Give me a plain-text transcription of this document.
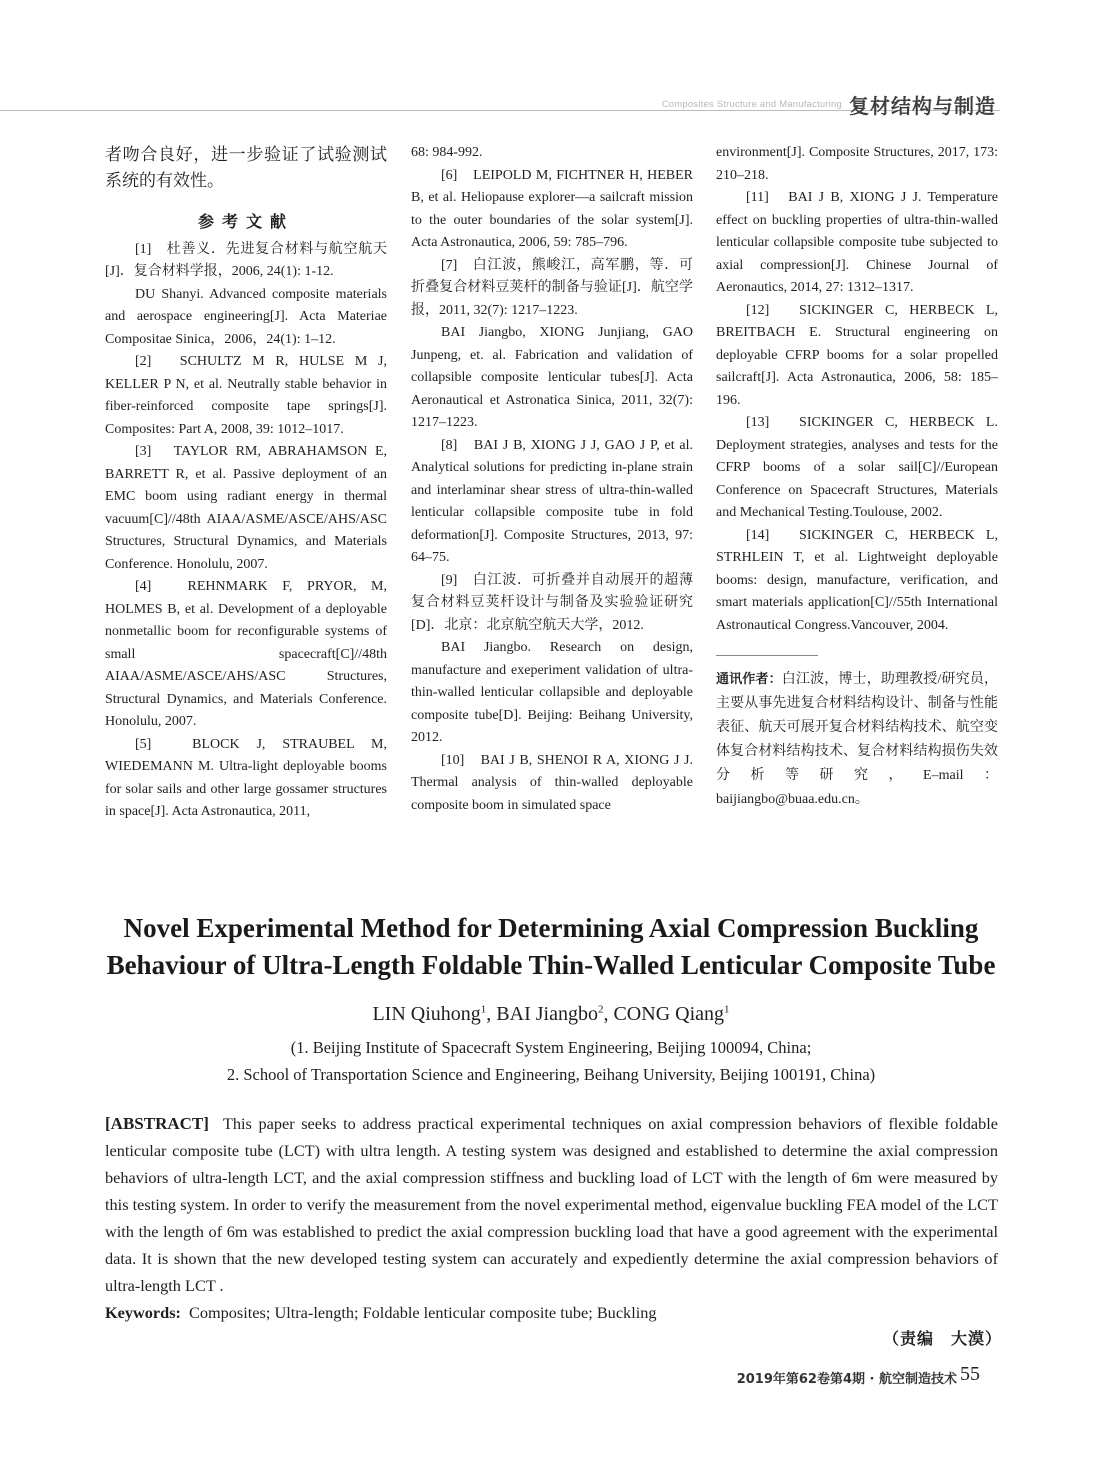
Composites Structure and Manufacturing 复材结构与制造

者吻合良好，进一步验证了试验测试系统的有效性。

参考文献

[1]　杜善义．先进复合材料与航空航天[J]．复合材料学报，2006, 24(1): 1-12.

DU Shanyi. Advanced composite materials and aerospace engineering[J]. Acta Materiae Compositae Sinica，2006，24(1): 1–12.

[2]　SCHULTZ M R, HULSE M J, KELLER P N, et al. Neutrally stable behavior in fiber-reinforced composite tape springs[J]. Composites: Part A, 2008, 39: 1012–1017.

[3]　TAYLOR RM, ABRAHAMSON E, BARRETT R, et al. Passive deployment of an EMC boom using radiant energy in thermal vacuum[C]//48th AIAA/ASME/ASCE/AHS/ASC Structures, Structural Dynamics, and Materials Conference. Honolulu, 2007.

[4]　REHNMARK F, PRYOR, M, HOLMES B, et al. Development of a deployable nonmetallic boom for reconfigurable systems of small spacecraft[C]//48th AIAA/ASME/ASCE/AHS/ASC Structures, Structural Dynamics, and Materials Conference. Honolulu, 2007.

[5]　BLOCK J, STRAUBEL M, WIEDEMANN M. Ultra-light deployable booms for solar sails and other large gossamer structures in space[J]. Acta Astronautica, 2011,

68: 984-992.

[6]　LEIPOLD M, FICHTNER H, HEBER B, et al. Heliopause explorer—a sailcraft mission to the outer boundaries of the solar system[J]. Acta Astronautica, 2006, 59: 785–796.

[7]　白江波，熊峻江，高军鹏，等．可折叠复合材料豆荚杆的制备与验证[J]．航空学报，2011, 32(7): 1217–1223.

BAI Jiangbo, XIONG Junjiang, GAO Junpeng, et. al. Fabrication and validation of collapsible composite lenticular tubes[J]. Acta Aeronautical et Astronatica Sinica, 2011, 32(7): 1217–1223.

[8]　BAI J B, XIONG J J, GAO J P, et al. Analytical solutions for predicting in-plane strain and interlaminar shear stress of ultra-thin-walled lenticular collapsible composite tube in fold deformation[J]. Composite Structures, 2013, 97: 64–75.

[9]　白江波．可折叠并自动展开的超薄复合材料豆荚杆设计与制备及实验验证研究[D]．北京：北京航空航天大学，2012.

BAI Jiangbo. Research on design, manufacture and exeperiment validation of ultra-thin-walled lenticular collapsible and deployable composite tube[D]. Beijing: Beihang University, 2012.

[10]　BAI J B, SHENOI R A, XIONG J J. Thermal analysis of thin-walled deployable composite boom in simulated space

environment[J]. Composite Structures, 2017, 173: 210–218.

[11]　BAI J B, XIONG J J. Temperature effect on buckling properties of ultra-thin-walled lenticular collapsible composite tube subjected to axial compression[J]. Chinese Journal of Aeronautics, 2014, 27: 1312–1317.

[12]　SICKINGER C, HERBECK L, BREITBACH E. Structural engineering on deployable CFRP booms for a solar propelled sailcraft[J]. Acta Astronautica, 2006, 58: 185–196.

[13]　SICKINGER C, HERBECK L. Deployment strategies, analyses and tests for the CFRP booms of a solar sail[C]//European Conference on Spacecraft Structures, Materials and Mechanical Testing.Toulouse, 2002.

[14]　SICKINGER C, HERBECK L, STRHLEIN T, et al. Lightweight deployable booms: design, manufacture, verification, and smart materials application[C]//55th International Astronautical Congress.Vancouver, 2004.

通讯作者：白江波，博士，助理教授/研究员，主要从事先进复合材料结构设计、制备与性能表征、航天可展开复合材料结构技术、航空变体复合材料结构技术、复合材料结构损伤失效分析等研究，E–mail：baijiangbo@buaa.edu.cn。

Novel Experimental Method for Determining Axial Compression Buckling
Behaviour of Ultra-Length Foldable Thin-Walled Lenticular Composite Tube
LIN Qiuhong$^1$, BAI Jiangbo$^2$, CONG Qiang$^1$
(1. Beijing Institute of Spacecraft System Engineering, Beijing 100094, China;
2. School of Transportation Science and Engineering, Beihang University, Beijing 100191, China)
[ABSTRACT] This paper seeks to address practical experimental techniques on axial compression behaviors of flexible foldable lenticular composite tube (LCT) with ultra length. A testing system was designed and established to determine the axial compression behaviors of ultra-length LCT, and the axial compression stiffness and buckling load of LCT with the length of 6m were measured by this testing system. In order to verify the measurement from the novel experimental method, eigenvalue buckling FEA model of the LCT with the length of 6m was established to predict the axial compression buckling load that have a good agreement with the experimental data. It is shown that the new developed testing system can accurately and expediently determine the axial compression behaviors of ultra-length LCT .
Keywords: Composites; Ultra-length; Foldable lenticular composite tube; Buckling
（责编　大漠）
2019年第62卷第4期 · 航空制造技术 55
